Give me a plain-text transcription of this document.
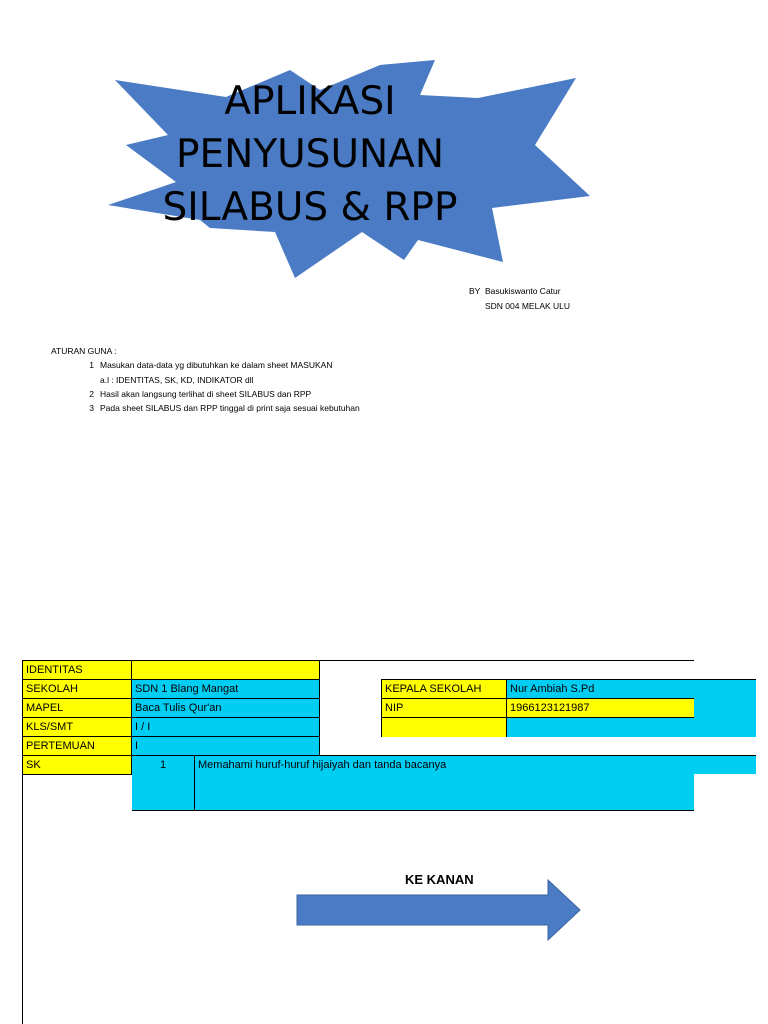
APLIKASI
PENYUSUNAN
SILABUS & RPP
BY Basukiswanto Catur
SDN 004 MELAK ULU
ATURAN GUNA :
1 Masukan data-data yg dibutuhkan ke dalam sheet MASUKAN
a.l : IDENTITAS, SK, KD, INDIKATOR dll
2 Hasil akan langsung terlihat di sheet SILABUS dan RPP
3 Pada sheet SILABUS dan RPP tinggal di print saja sesuai kebutuhan
IDENTITAS
SEKOLAH	SDN 1 Blang Mangat
MAPEL	Baca Tulis Qur'an
KLS/SMT	I / I
PERTEMUAN	I
KEPALA SEKOLAH	Nur Ambiah S.Pd
NIP	1966123121987
SK	1	Memahami huruf-huruf hijaiyah dan tanda bacanya
KE KANAN
